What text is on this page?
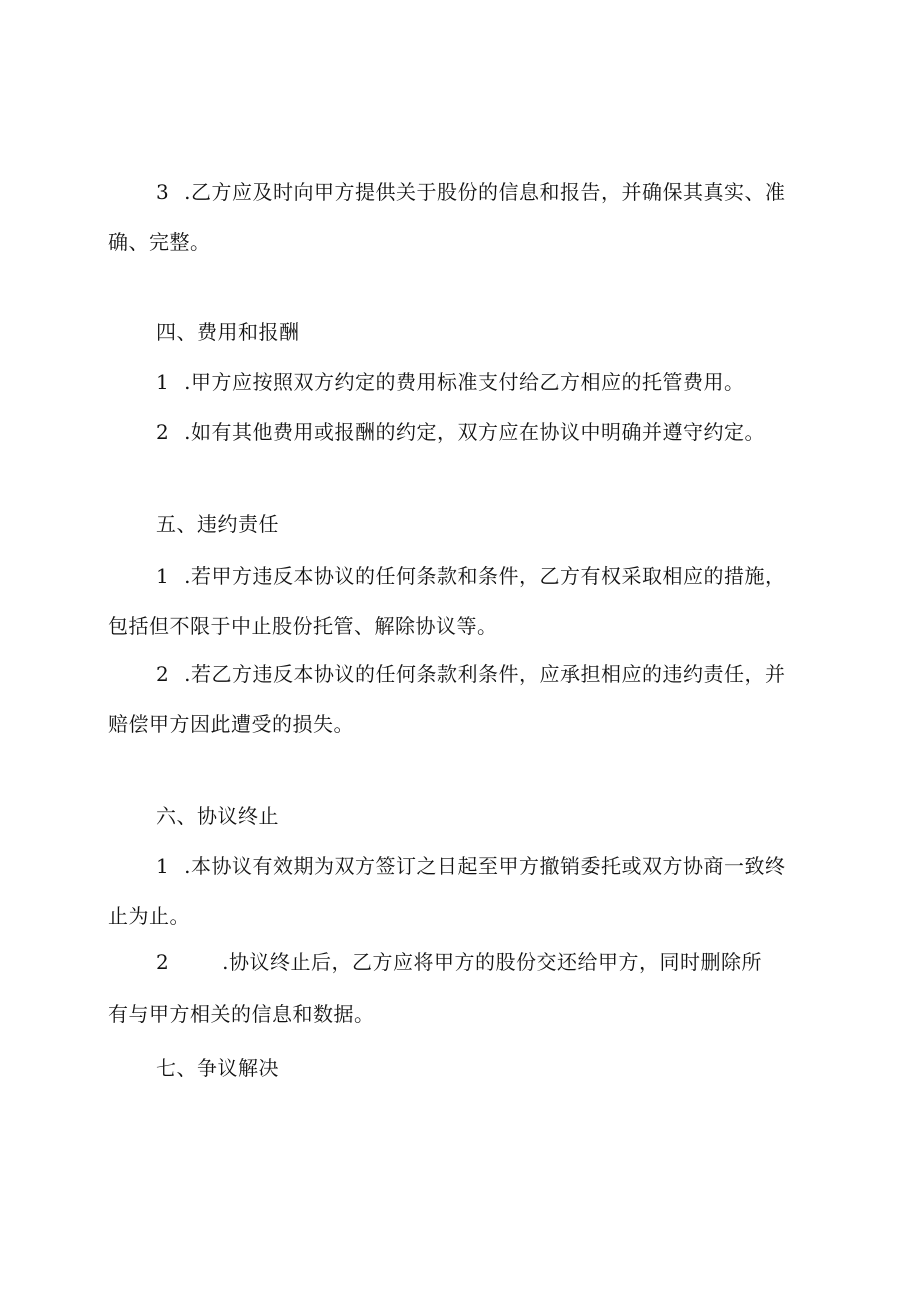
3 .乙方应及时向甲方提供关于股份的信息和报告，并确保其真实、准
确、完整。
四、费用和报酬
1 .甲方应按照双方约定的费用标准支付给乙方相应的托管费用。
2 .如有其他费用或报酬的约定，双方应在协议中明确并遵守约定。
五、违约责任
1 .若甲方违反本协议的任何条款和条件，乙方有权采取相应的措施，
包括但不限于中止股份托管、解除协议等。
2 .若乙方违反本协议的任何条款利条件，应承担相应的违约责任，并
赔偿甲方因此遭受的损失。
六、协议终止
1 .本协议有效期为双方签订之日起至甲方撤销委托或双方协商一致终
止为止。
2	.协议终止后，乙方应将甲方的股份交还给甲方，同时删除所
有与甲方相关的信息和数据。
七、争议解决
